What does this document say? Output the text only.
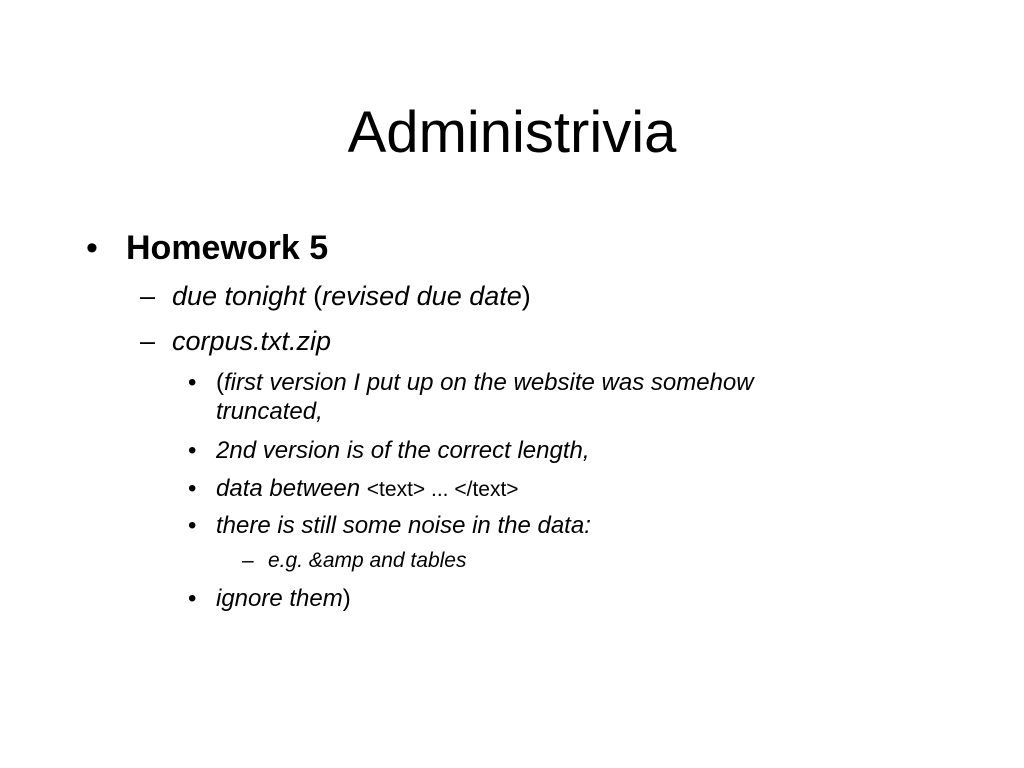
Administrivia
• Homework 5
– due tonight (revised due date)
– corpus.txt.zip
• (first version I put up on the website was somehow
truncated,
• 2nd version is of the correct length,
• data between <text> ... </text>
• there is still some noise in the data:
– e.g. &amp and tables
• ignore them)
